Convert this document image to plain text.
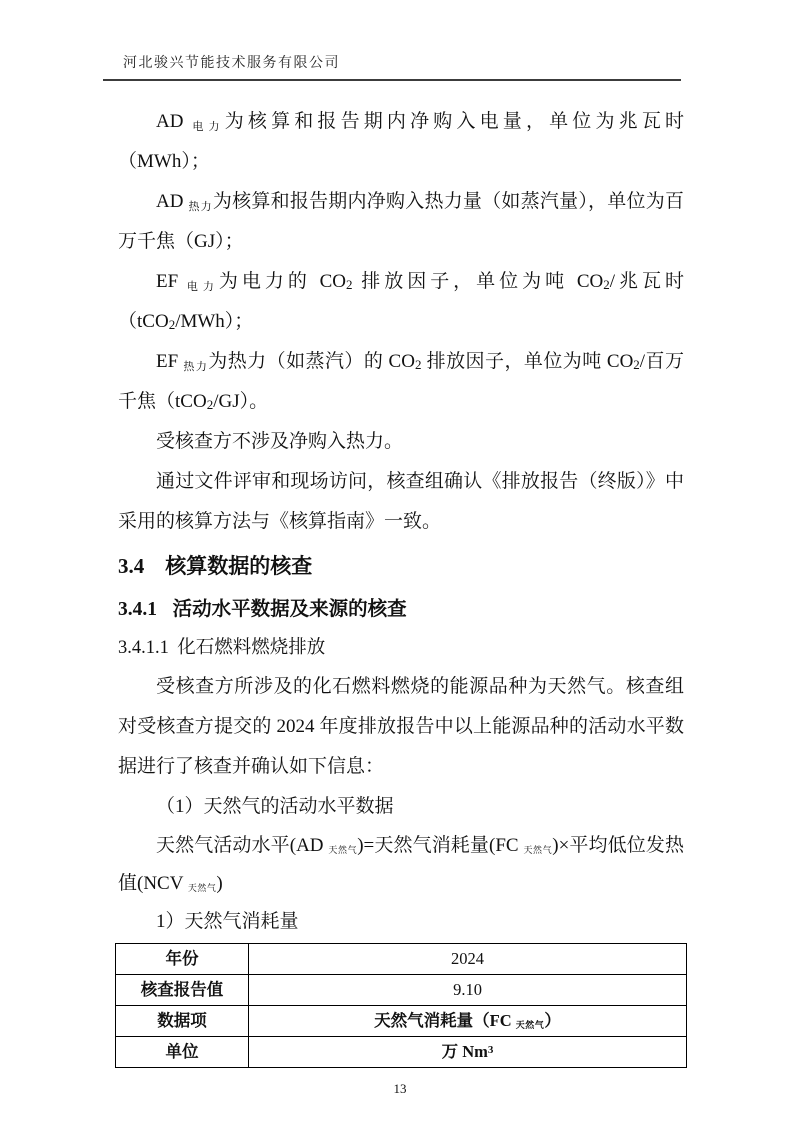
河北骏兴节能技术服务有限公司

AD $_{电力}$为核算和报告期内净购入电量，单位为兆瓦时（MWh）；

AD $_{热力}$为核算和报告期内净购入热力量（如蒸汽量），单位为百万千焦（GJ）；

EF $_{电力}$为电力的 $CO_2$ 排放因子，单位为吨 $CO_2/$兆瓦时（tCO$_2$/MWh）；

EF $_{热力}$为热力（如蒸汽）的 $CO_2$ 排放因子，单位为吨 $CO_2/$百万千焦（tCO$_2$/GJ）。

受核查方不涉及净购入热力。

通过文件评审和现场访问，核查组确认《排放报告（终版）》中采用的核算方法与《核算指南》一致。

3.4 核算数据的核查
3.4.1 活动水平数据及来源的核查
3.4.1.1 化石燃料燃烧排放

受核查方所涉及的化石燃料燃烧的能源品种为天然气。核查组对受核查方提交的 2024 年度排放报告中以上能源品种的活动水平数据进行了核查并确认如下信息：

（1）天然气的活动水平数据

天然气活动水平(AD $_{天然气}$)=天然气消耗量(FC $_{天然气}$)×平均低位发热值(NCV $_{天然气}$)

1）天然气消耗量

年份	2024
核查报告值	9.10
数据项	天然气消耗量（FC $_{天然气}$）
单位	万 Nm$^3$
13
